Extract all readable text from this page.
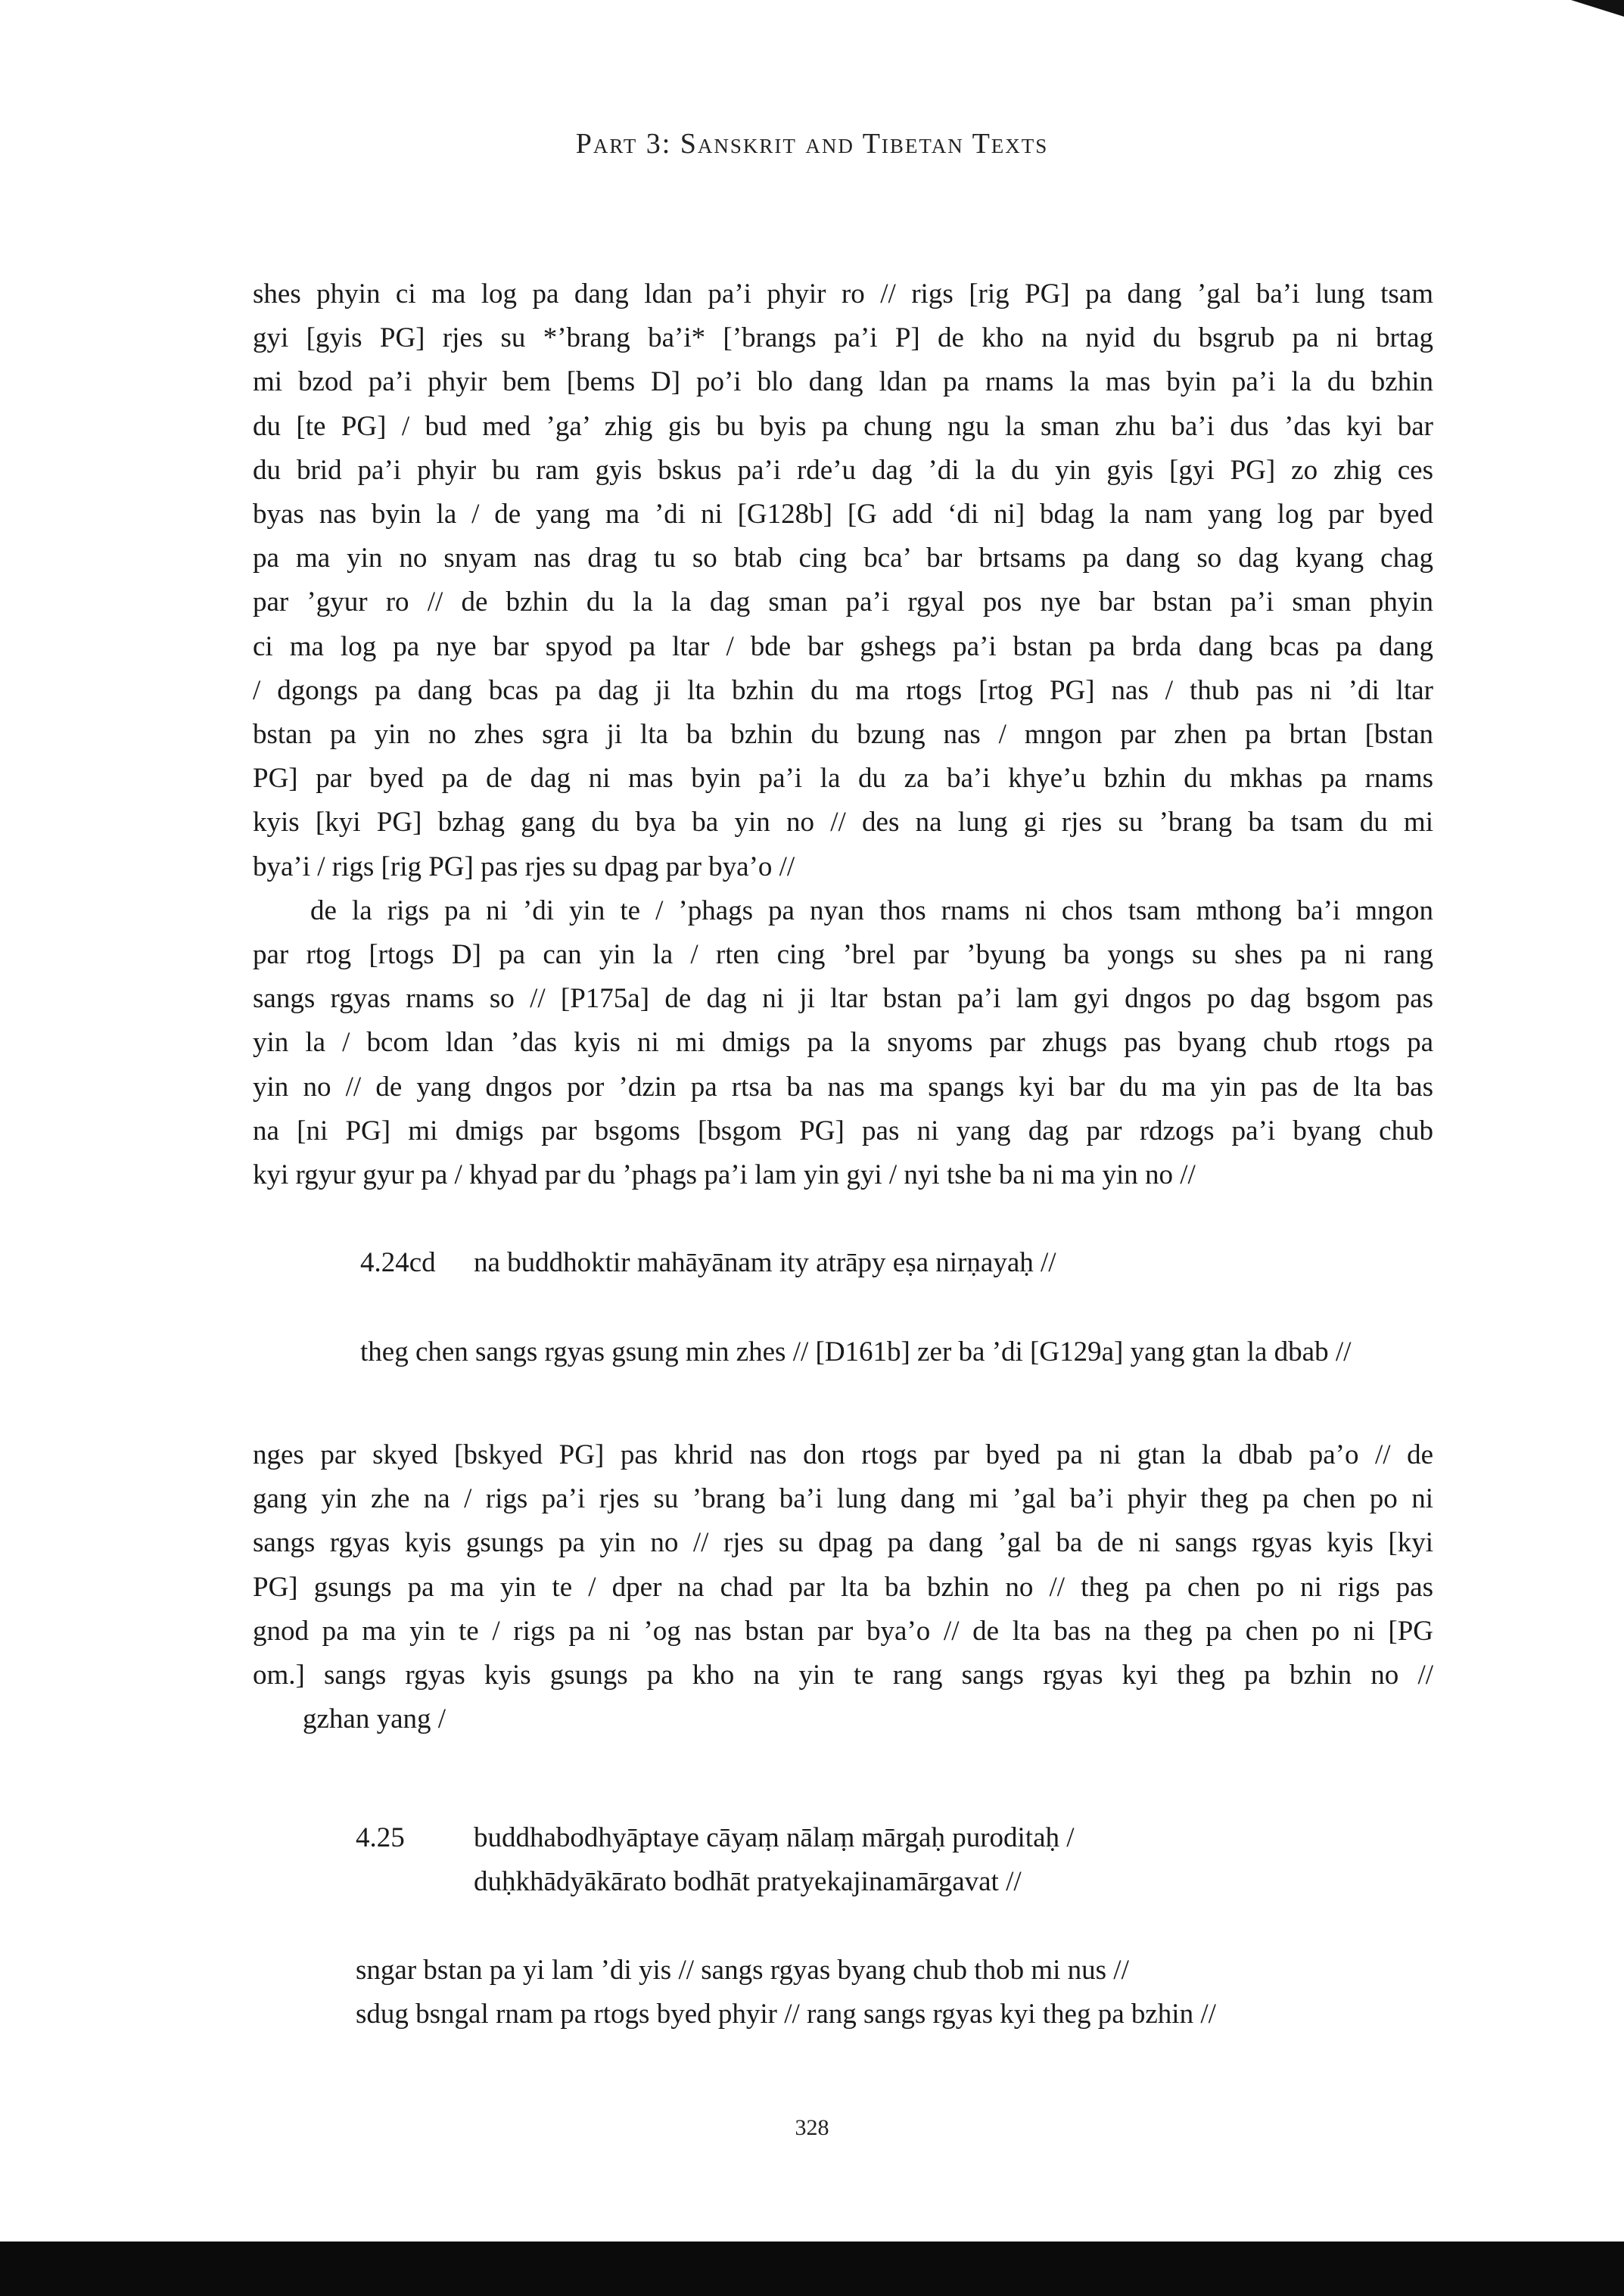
Part 3: Sanskrit and Tibetan Texts
shes phyin ci ma log pa dang ldan pa’i phyir ro // rigs [rig PG] pa dang ’gal ba’i lung tsam
gyi [gyis PG] rjes su *’brang ba’i* [’brangs pa’i P] de kho na nyid du bsgrub pa ni brtag
mi bzod pa’i phyir bem [bems D] po’i blo dang ldan pa rnams la mas byin pa’i la du bzhin
du [te PG] / bud med ’ga’ zhig gis bu byis pa chung ngu la sman zhu ba’i dus ’das kyi bar
du brid pa’i phyir bu ram gyis bskus pa’i rde’u dag ’di la du yin gyis [gyi PG] zo zhig ces
byas nas byin la / de yang ma ’di ni [G128b] [G add ‘di ni] bdag la nam yang log par byed
pa ma yin no snyam nas drag tu so btab cing bca’ bar brtsams pa dang so dag kyang chag
par ’gyur ro // de bzhin du la la dag sman pa’i rgyal pos nye bar bstan pa’i sman phyin
ci ma log pa nye bar spyod pa ltar / bde bar gshegs pa’i bstan pa brda dang bcas pa dang
/ dgongs pa dang bcas pa dag ji lta bzhin du ma rtogs [rtog PG] nas / thub pas ni ’di ltar
bstan pa yin no zhes sgra ji lta ba bzhin du bzung nas / mngon par zhen pa brtan [bstan
PG] par byed pa de dag ni mas byin pa’i la du za ba’i khye’u bzhin du mkhas pa rnams
kyis [kyi PG] bzhag gang du bya ba yin no // des na lung gi rjes su ’brang ba tsam du mi
bya’i / rigs [rig PG] pas rjes su dpag par bya’o //
de la rigs pa ni ’di yin te / ’phags pa nyan thos rnams ni chos tsam mthong ba’i mngon
par rtog [rtogs D] pa can yin la / rten cing ’brel par ’byung ba yongs su shes pa ni rang
sangs rgyas rnams so // [P175a] de dag ni ji ltar bstan pa’i lam gyi dngos po dag bsgom pas
yin la / bcom ldan ’das kyis ni mi dmigs pa la snyoms par zhugs pas byang chub rtogs pa
yin no // de yang dngos por ’dzin pa rtsa ba nas ma spangs kyi bar du ma yin pas de lta bas
na [ni PG] mi dmigs par bsgoms [bsgom PG] pas ni yang dag par rdzogs pa’i byang chub
kyi rgyur gyur pa / khyad par du ’phags pa’i lam yin gyi / nyi tshe ba ni ma yin no //
4.24cd na buddhoktir mahāyānam ity atrāpy eṣa nirṇayaḥ //
theg chen sangs rgyas gsung min zhes // [D161b] zer ba ’di [G129a] yang gtan la dbab //
nges par skyed [bskyed PG] pas khrid nas don rtogs par byed pa ni gtan la dbab pa’o // de
gang yin zhe na / rigs pa’i rjes su ’brang ba’i lung dang mi ’gal ba’i phyir theg pa chen po ni
sangs rgyas kyis gsungs pa yin no // rjes su dpag pa dang ’gal ba de ni sangs rgyas kyis [kyi
PG] gsungs pa ma yin te / dper na chad par lta ba bzhin no // theg pa chen po ni rigs pas
gnod pa ma yin te / rigs pa ni ’og nas bstan par bya’o // de lta bas na theg pa chen po ni [PG
om.] sangs rgyas kyis gsungs pa kho na yin te rang sangs rgyas kyi theg pa bzhin no //
gzhan yang /
4.25 buddhabodhyāptaye cāyaṃ nālaṃ mārgaḥ puroditaḥ /
duḥkhādyākārato bodhāt pratyekajinamārgavat //
sngar bstan pa yi lam ’di yis // sangs rgyas byang chub thob mi nus //
sdug bsngal rnam pa rtogs byed phyir // rang sangs rgyas kyi theg pa bzhin //
328
